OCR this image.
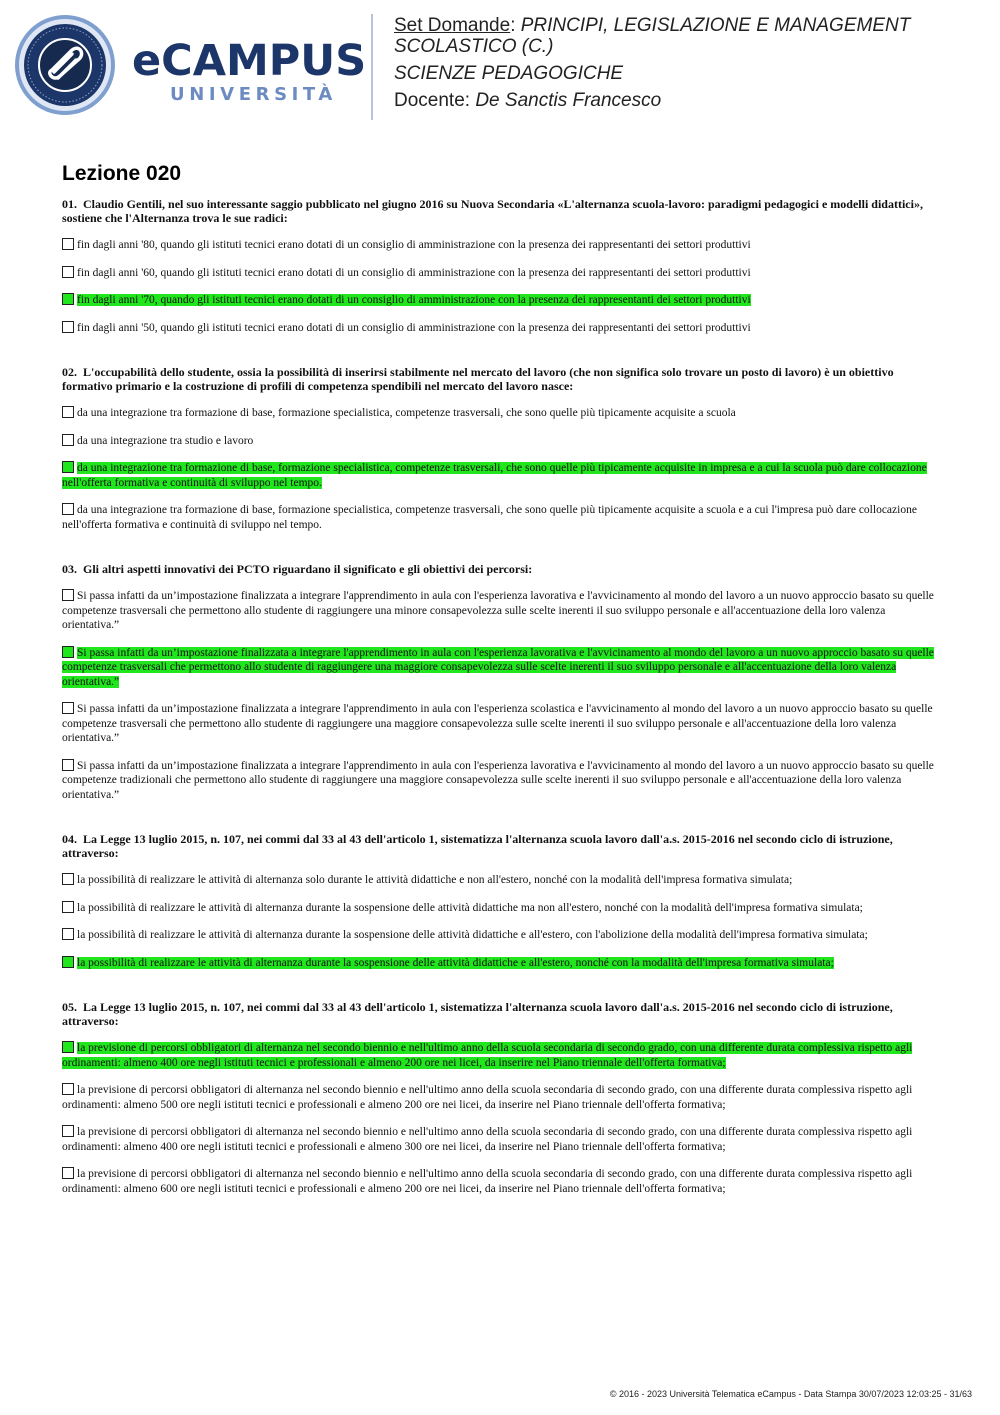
eCAMPUS
UNIVERSITÀ

Set Domande: PRINCIPI, LEGISLAZIONE E MANAGEMENT SCOLASTICO (C.)

SCIENZE PEDAGOGICHE

Docente: De Sanctis Francesco

Lezione 020

01. Claudio Gentili, nel suo interessante saggio pubblicato nel giugno 2016 su Nuova Secondaria «L'alternanza scuola-lavoro: paradigmi pedagogici e modelli didattici», sostiene che l'Alternanza trova le sue radici:

fin dagli anni '80, quando gli istituti tecnici erano dotati di un consiglio di amministrazione con la presenza dei rappresentanti dei settori produttivi

fin dagli anni '60, quando gli istituti tecnici erano dotati di un consiglio di amministrazione con la presenza dei rappresentanti dei settori produttivi

fin dagli anni '70, quando gli istituti tecnici erano dotati di un consiglio di amministrazione con la presenza dei rappresentanti dei settori produttivi

fin dagli anni '50, quando gli istituti tecnici erano dotati di un consiglio di amministrazione con la presenza dei rappresentanti dei settori produttivi

02. L'occupabilità dello studente, ossia la possibilità di inserirsi stabilmente nel mercato del lavoro (che non significa solo trovare un posto di lavoro) è un obiettivo formativo primario e la costruzione di profili di competenza spendibili nel mercato del lavoro nasce:

da una integrazione tra formazione di base, formazione specialistica, competenze trasversali, che sono quelle più tipicamente acquisite a scuola

da una integrazione tra studio e lavoro

da una integrazione tra formazione di base, formazione specialistica, competenze trasversali, che sono quelle più tipicamente acquisite in impresa e a cui la scuola può dare collocazione nell'offerta formativa e continuità di sviluppo nel tempo.

da una integrazione tra formazione di base, formazione specialistica, competenze trasversali, che sono quelle più tipicamente acquisite a scuola e a cui l'impresa può dare collocazione nell'offerta formativa e continuità di sviluppo nel tempo.

03. Gli altri aspetti innovativi dei PCTO riguardano il significato e gli obiettivi dei percorsi:

Si passa infatti da un’impostazione finalizzata a integrare l'apprendimento in aula con l'esperienza lavorativa e l'avvicinamento al mondo del lavoro a un nuovo approccio basato su quelle competenze trasversali che permettono allo studente di raggiungere una minore consapevolezza sulle scelte inerenti il suo sviluppo personale e all'accentuazione della loro valenza orientativa.”

Si passa infatti da un’impostazione finalizzata a integrare l'apprendimento in aula con l'esperienza lavorativa e l'avvicinamento al mondo del lavoro a un nuovo approccio basato su quelle competenze trasversali che permettono allo studente di raggiungere una maggiore consapevolezza sulle scelte inerenti il suo sviluppo personale e all'accentuazione della loro valenza orientativa.”

Si passa infatti da un’impostazione finalizzata a integrare l'apprendimento in aula con l'esperienza scolastica e l'avvicinamento al mondo del lavoro a un nuovo approccio basato su quelle competenze trasversali che permettono allo studente di raggiungere una maggiore consapevolezza sulle scelte inerenti il suo sviluppo personale e all'accentuazione della loro valenza orientativa.”

Si passa infatti da un’impostazione finalizzata a integrare l'apprendimento in aula con l'esperienza lavorativa e l'avvicinamento al mondo del lavoro a un nuovo approccio basato su quelle competenze tradizionali che permettono allo studente di raggiungere una maggiore consapevolezza sulle scelte inerenti il suo sviluppo personale e all'accentuazione della loro valenza orientativa.”

04. La Legge 13 luglio 2015, n. 107, nei commi dal 33 al 43 dell'articolo 1, sistematizza l'alternanza scuola lavoro dall'a.s. 2015-2016 nel secondo ciclo di istruzione, attraverso:

la possibilità di realizzare le attività di alternanza solo durante le attività didattiche e non all'estero, nonché con la modalità dell'impresa formativa simulata;

la possibilità di realizzare le attività di alternanza durante la sospensione delle attività didattiche ma non all'estero, nonché con la modalità dell'impresa formativa simulata;

la possibilità di realizzare le attività di alternanza durante la sospensione delle attività didattiche e all'estero, con l'abolizione della modalità dell'impresa formativa simulata;

la possibilità di realizzare le attività di alternanza durante la sospensione delle attività didattiche e all'estero, nonché con la modalità dell'impresa formativa simulata;

05. La Legge 13 luglio 2015, n. 107, nei commi dal 33 al 43 dell'articolo 1, sistematizza l'alternanza scuola lavoro dall'a.s. 2015-2016 nel secondo ciclo di istruzione, attraverso:

la previsione di percorsi obbligatori di alternanza nel secondo biennio e nell'ultimo anno della scuola secondaria di secondo grado, con una differente durata complessiva rispetto agli ordinamenti: almeno 400 ore negli istituti tecnici e professionali e almeno 200 ore nei licei, da inserire nel Piano triennale dell'offerta formativa;

la previsione di percorsi obbligatori di alternanza nel secondo biennio e nell'ultimo anno della scuola secondaria di secondo grado, con una differente durata complessiva rispetto agli ordinamenti: almeno 500 ore negli istituti tecnici e professionali e almeno 200 ore nei licei, da inserire nel Piano triennale dell'offerta formativa;

la previsione di percorsi obbligatori di alternanza nel secondo biennio e nell'ultimo anno della scuola secondaria di secondo grado, con una differente durata complessiva rispetto agli ordinamenti: almeno 400 ore negli istituti tecnici e professionali e almeno 300 ore nei licei, da inserire nel Piano triennale dell'offerta formativa;

la previsione di percorsi obbligatori di alternanza nel secondo biennio e nell'ultimo anno della scuola secondaria di secondo grado, con una differente durata complessiva rispetto agli ordinamenti: almeno 600 ore negli istituti tecnici e professionali e almeno 200 ore nei licei, da inserire nel Piano triennale dell'offerta formativa;

© 2016 - 2023 Università Telematica eCampus - Data Stampa 30/07/2023 12:03:25 - 31/63
